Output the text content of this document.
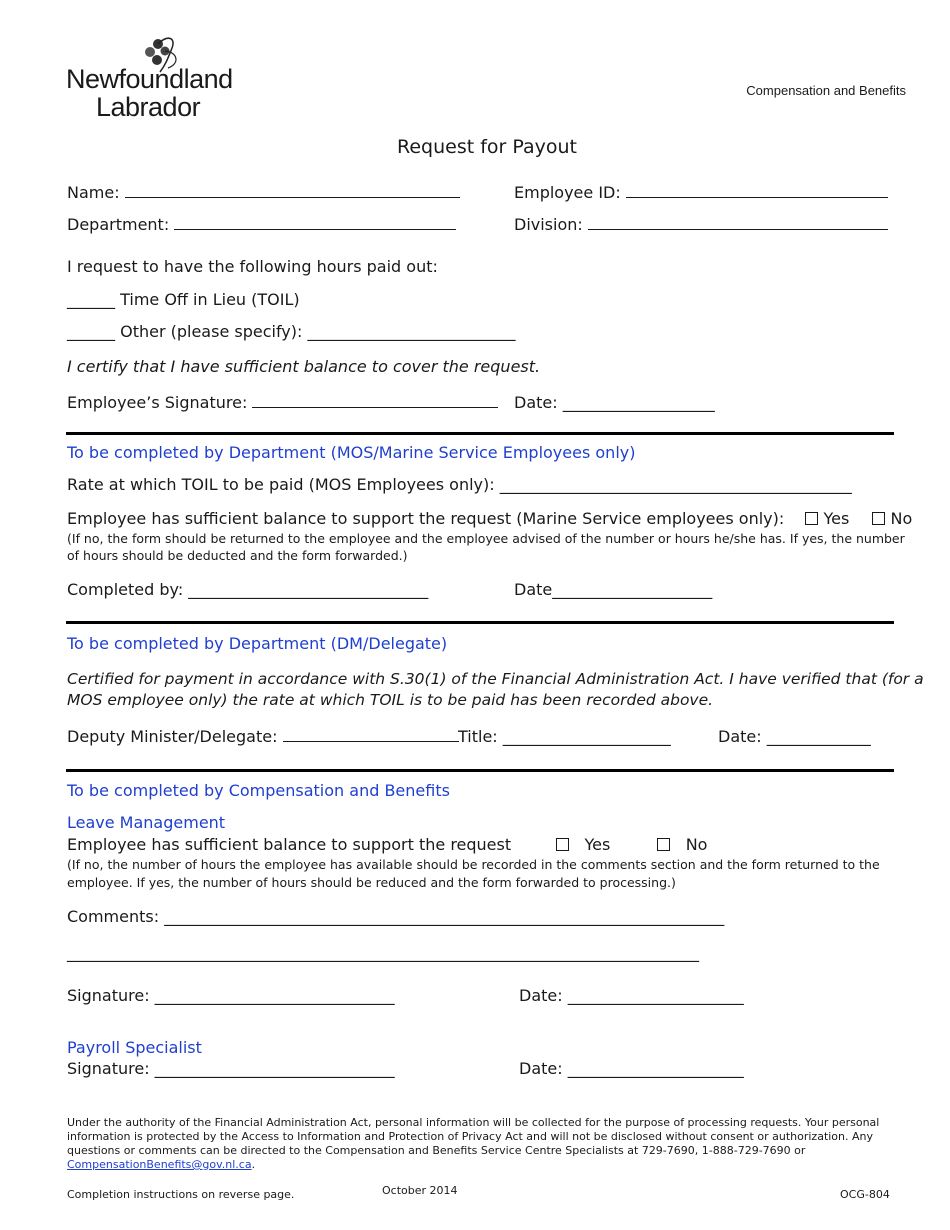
Newfoundland
Labrador
Compensation and Benefits
Request for Payout
Name:	Employee ID:
Department:	Division:
I request to have the following hours paid out:
______ Time Off in Lieu (TOIL)
______ Other (please specify): __________________________
I certify that I have sufficient balance to cover the request.
Employee’s Signature:	Date: ___________________
To be completed by Department (MOS/Marine Service Employees only)
Rate at which TOIL to be paid (MOS Employees only): ____________________________________________
Employee has sufficient balance to support the request (Marine Service employees only): Yes	No
(If no, the form should be returned to the employee and the employee advised of the number or hours he/she has. If yes, the number
of hours should be deducted and the form forwarded.)
Completed by: ______________________________	Date____________________
To be completed by Department (DM/Delegate)
Certified for payment in accordance with S.30(1) of the Financial Administration Act. I have verified that (for a
MOS employee only) the rate at which TOIL is to be paid has been recorded above.
Deputy Minister/Delegate:	Title: _____________________	Date: _____________
To be completed by Compensation and Benefits
Leave Management
Employee has sufficient balance to support the request	Yes	No
(If no, the number of hours the employee has available should be recorded in the comments section and the form returned to the
employee. If yes, the number of hours should be reduced and the form forwarded to processing.)
Comments: ______________________________________________________________________
_______________________________________________________________________________
Signature: ______________________________	Date: ______________________
Payroll Specialist
Signature: ______________________________	Date: ______________________
Under the authority of the Financial Administration Act, personal information will be collected for the purpose of processing requests. Your personal
information is protected by the Access to Information and Protection of Privacy Act and will not be disclosed without consent or authorization. Any
questions or comments can be directed to the Compensation and Benefits Service Centre Specialists at 729-7690, 1-888-729-7690 or
CompensationBenefits@gov.nl.ca.
Completion instructions on reverse page.	October 2014	OCG-804
